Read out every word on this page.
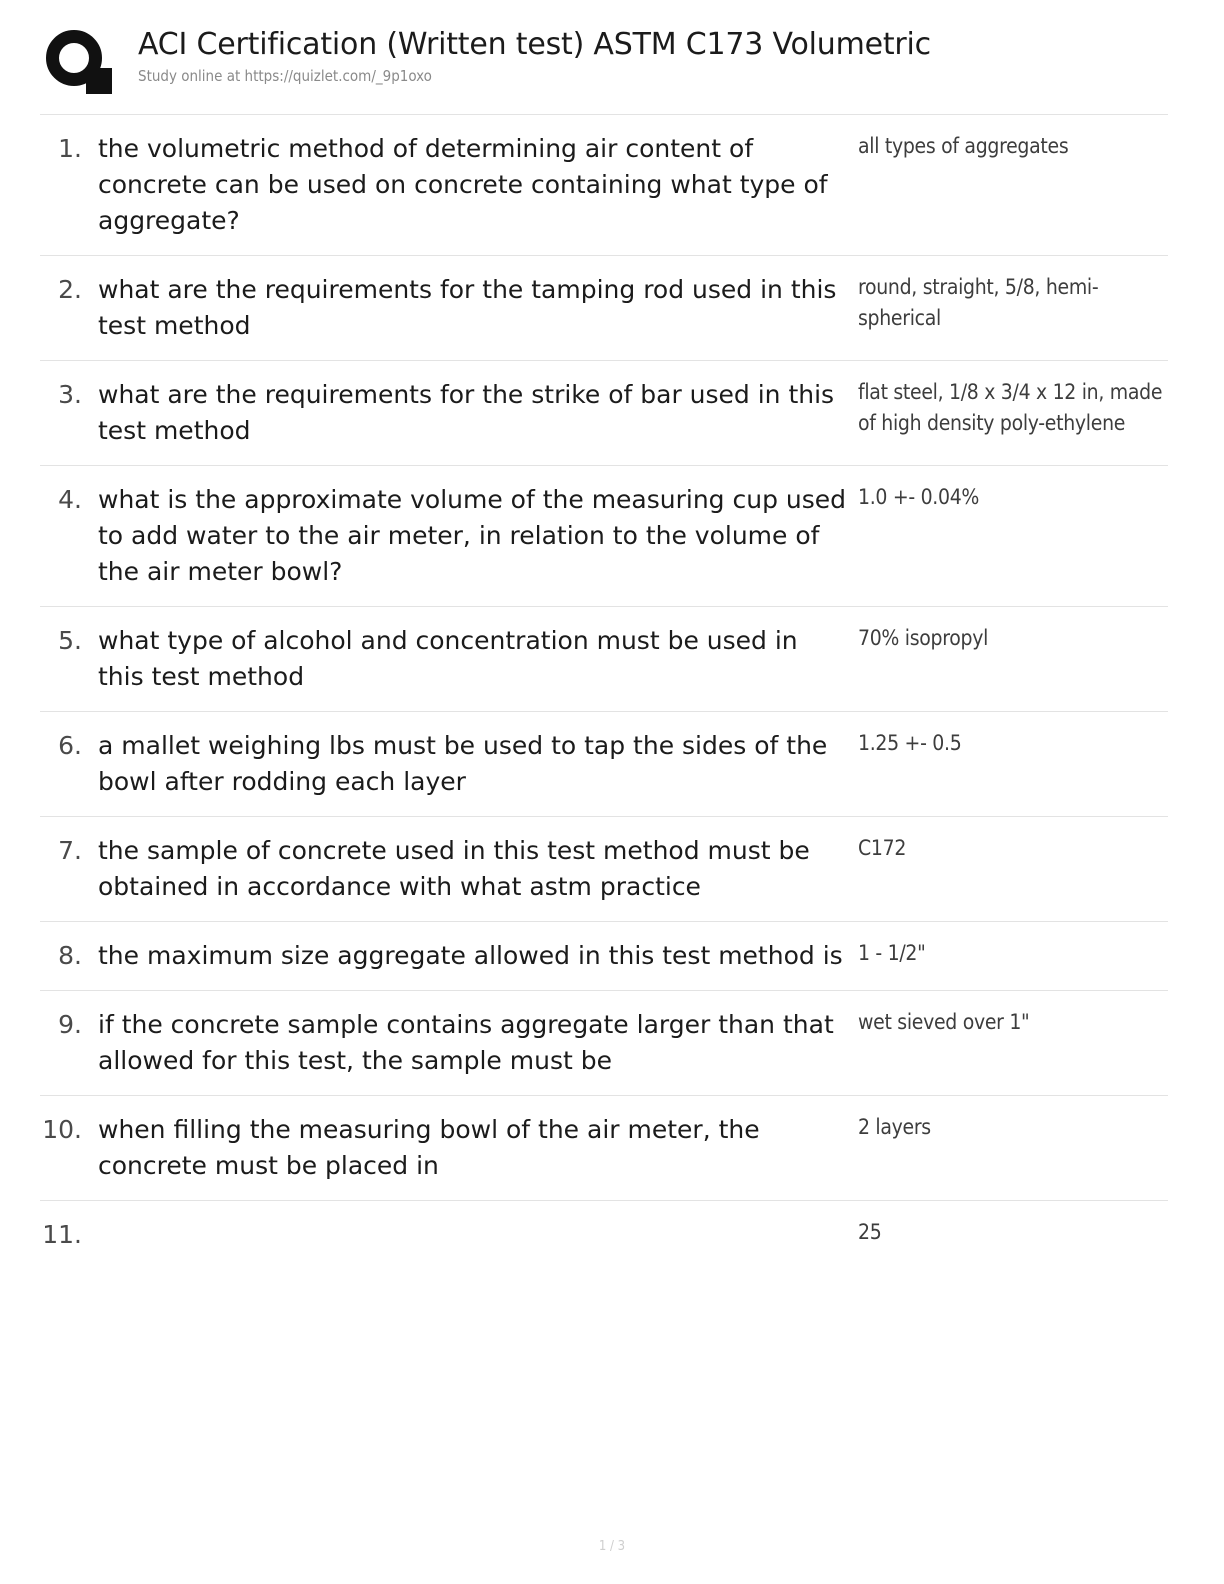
ACI Certification (Written test) ASTM C173 Volumetric
Study online at https://quizlet.com/_9p1oxo
1. the volumetric method of determining air content of concrete can be used on concrete containing what type of aggregate?
all types of aggregates
2. what are the requirements for the tamping rod used in this test method
round, straight, 5/8, hemi-spherical
3. what are the requirements for the strike of bar used in this test method
flat steel, 1/8 x 3/4 x 12 in, made of high density poly-ethylene
4. what is the approximate volume of the measuring cup used to add water to the air meter, in relation to the volume of the air meter bowl?
1.0 +- 0.04%
5. what type of alcohol and concentration must be used in this test method
70% isopropyl
6. a mallet weighing lbs must be used to tap the sides of the bowl after rodding each layer
1.25 +- 0.5
7. the sample of concrete used in this test method must be obtained in accordance with what astm practice
C172
8. the maximum size aggregate allowed in this test method is 1 - 1/2"
9. if the concrete sample contains aggregate larger than that allowed for this test, the sample must be
wet sieved over 1"
10. when filling the measuring bowl of the air meter, the concrete must be placed in
2 layers
11.	25
1 / 3
